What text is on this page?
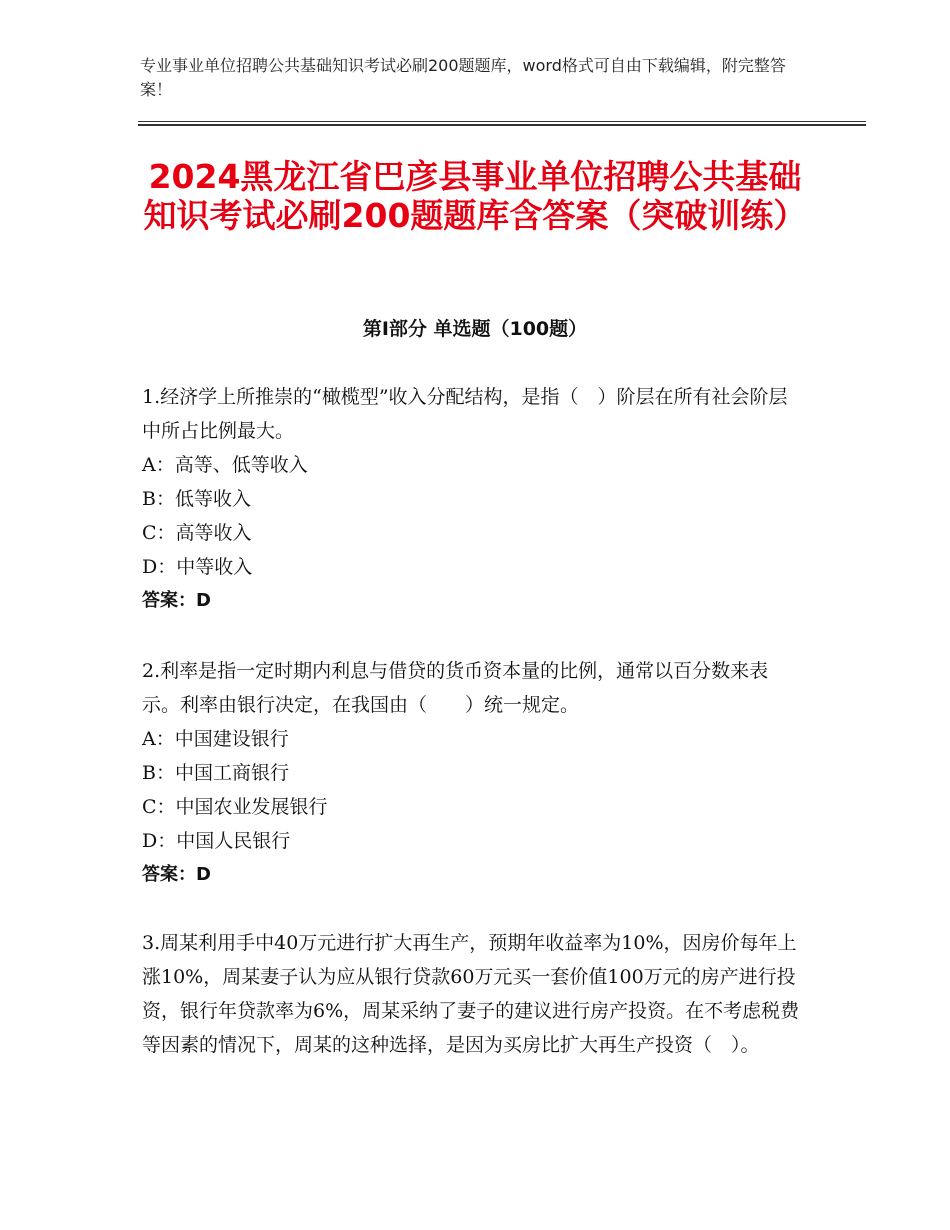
专业事业单位招聘公共基础知识考试必刷200题题库，word格式可自由下载编辑，附完整答案！
2024黑龙江省巴彦县事业单位招聘公共基础知识考试必刷200题题库含答案（突破训练）
第Ⅰ部分 单选题（100题）

1.经济学上所推崇的“橄榄型”收入分配结构，是指（　）阶层在所有社会阶层中所占比例最大。

A：高等、低等收入

B：低等收入

C：高等收入

D：中等收入

答案：D

2.利率是指一定时期内利息与借贷的货币资本量的比例，通常以百分数来表示。利率由银行决定，在我国由（　　）统一规定。

A：中国建设银行

B：中国工商银行

C：中国农业发展银行

D：中国人民银行

答案：D

3.周某利用手中40万元进行扩大再生产，预期年收益率为10%，因房价每年上涨10%，周某妻子认为应从银行贷款60万元买一套价值100万元的房产进行投资，银行年贷款率为6%，周某采纳了妻子的建议进行房产投资。在不考虑税费等因素的情况下，周某的这种选择，是因为买房比扩大再生产投资（　）。
